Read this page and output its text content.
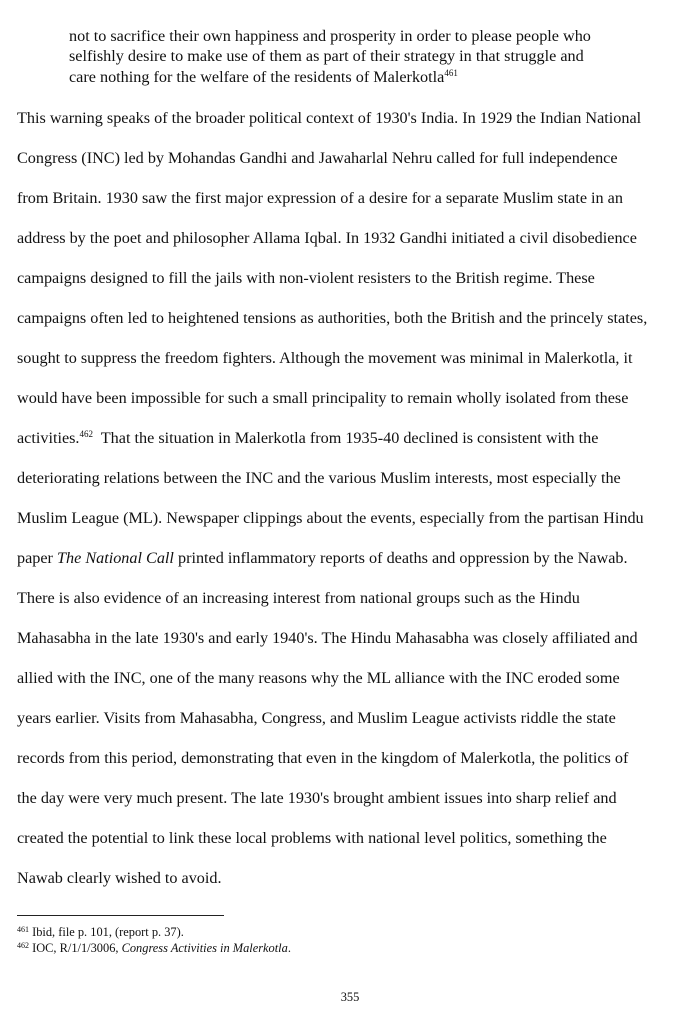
not to sacrifice their own happiness and prosperity in order to please people who
selfishly desire to make use of them as part of their strategy in that struggle and
care nothing for the welfare of the residents of Malerkotla$^{461}$
This warning speaks of the broader political context of 1930's India. In 1929 the Indian National
Congress (INC) led by Mohandas Gandhi and Jawaharlal Nehru called for full independence
from Britain. 1930 saw the first major expression of a desire for a separate Muslim state in an
address by the poet and philosopher Allama Iqbal. In 1932 Gandhi initiated a civil disobedience
campaigns designed to fill the jails with non-violent resisters to the British regime. These
campaigns often led to heightened tensions as authorities, both the British and the princely states,
sought to suppress the freedom fighters. Although the movement was minimal in Malerkotla, it
would have been impossible for such a small principality to remain wholly isolated from these
activities.$^{462}$  That the situation in Malerkotla from 1935-40 declined is consistent with the
deteriorating relations between the INC and the various Muslim interests, most especially the
Muslim League (ML). Newspaper clippings about the events, especially from the partisan Hindu
paper The National Call printed inflammatory reports of deaths and oppression by the Nawab.
There is also evidence of an increasing interest from national groups such as the Hindu
Mahasabha in the late 1930's and early 1940's. The Hindu Mahasabha was closely affiliated and
allied with the INC, one of the many reasons why the ML alliance with the INC eroded some
years earlier. Visits from Mahasabha, Congress, and Muslim League activists riddle the state
records from this period, demonstrating that even in the kingdom of Malerkotla, the politics of
the day were very much present. The late 1930's brought ambient issues into sharp relief and
created the potential to link these local problems with national level politics, something the
Nawab clearly wished to avoid.
$^{461}$ Ibid, file p. 101, (report p. 37).
$^{462}$ IOC, R/1/1/3006, Congress Activities in Malerkotla.
355
